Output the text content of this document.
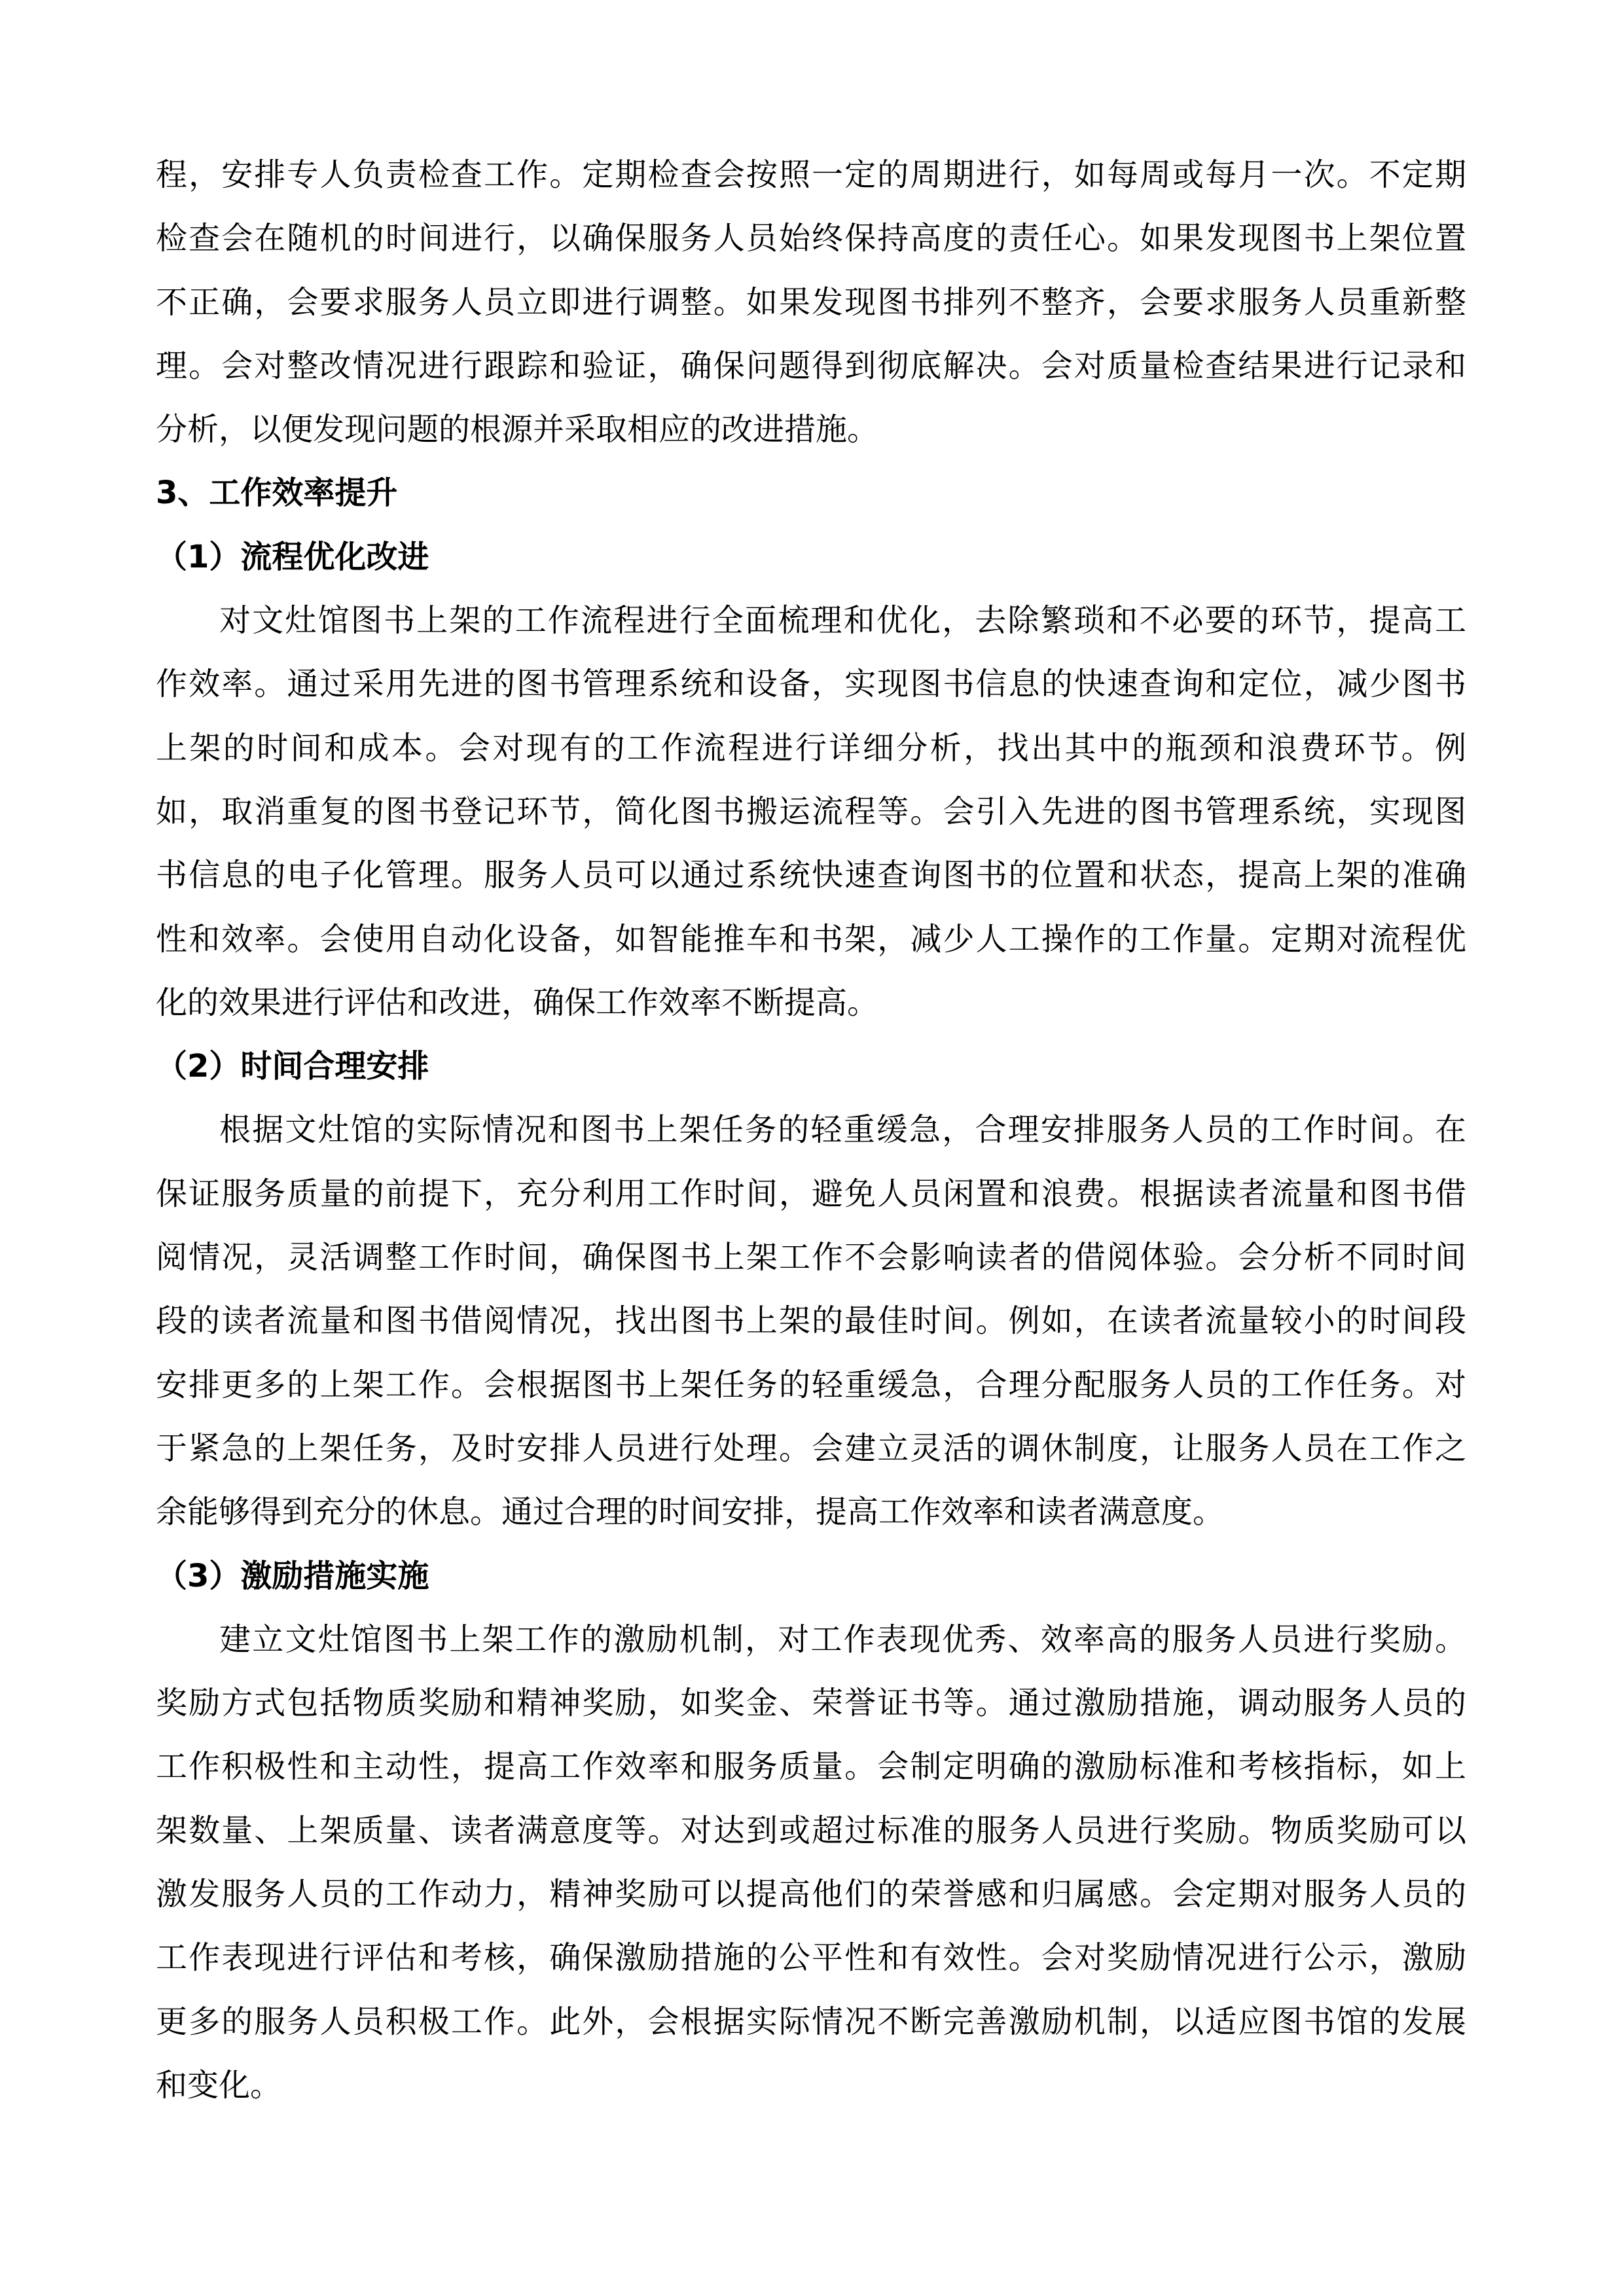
程，安排专人负责检查工作。定期检查会按照一定的周期进行，如每周或每月一次。不定期
检查会在随机的时间进行，以确保服务人员始终保持高度的责任心。如果发现图书上架位置
不正确，会要求服务人员立即进行调整。如果发现图书排列不整齐，会要求服务人员重新整
理。会对整改情况进行跟踪和验证，确保问题得到彻底解决。会对质量检查结果进行记录和
分析，以便发现问题的根源并采取相应的改进措施。
3、工作效率提升
（1）流程优化改进
对文灶馆图书上架的工作流程进行全面梳理和优化，去除繁琐和不必要的环节，提高工
作效率。通过采用先进的图书管理系统和设备，实现图书信息的快速查询和定位，减少图书
上架的时间和成本。会对现有的工作流程进行详细分析，找出其中的瓶颈和浪费环节。例
如，取消重复的图书登记环节，简化图书搬运流程等。会引入先进的图书管理系统，实现图
书信息的电子化管理。服务人员可以通过系统快速查询图书的位置和状态，提高上架的准确
性和效率。会使用自动化设备，如智能推车和书架，减少人工操作的工作量。定期对流程优
化的效果进行评估和改进，确保工作效率不断提高。
（2）时间合理安排
根据文灶馆的实际情况和图书上架任务的轻重缓急，合理安排服务人员的工作时间。在
保证服务质量的前提下，充分利用工作时间，避免人员闲置和浪费。根据读者流量和图书借
阅情况，灵活调整工作时间，确保图书上架工作不会影响读者的借阅体验。会分析不同时间
段的读者流量和图书借阅情况，找出图书上架的最佳时间。例如，在读者流量较小的时间段
安排更多的上架工作。会根据图书上架任务的轻重缓急，合理分配服务人员的工作任务。对
于紧急的上架任务，及时安排人员进行处理。会建立灵活的调休制度，让服务人员在工作之
余能够得到充分的休息。通过合理的时间安排，提高工作效率和读者满意度。
（3）激励措施实施
建立文灶馆图书上架工作的激励机制，对工作表现优秀、效率高的服务人员进行奖励。
奖励方式包括物质奖励和精神奖励，如奖金、荣誉证书等。通过激励措施，调动服务人员的
工作积极性和主动性，提高工作效率和服务质量。会制定明确的激励标准和考核指标，如上
架数量、上架质量、读者满意度等。对达到或超过标准的服务人员进行奖励。物质奖励可以
激发服务人员的工作动力，精神奖励可以提高他们的荣誉感和归属感。会定期对服务人员的
工作表现进行评估和考核，确保激励措施的公平性和有效性。会对奖励情况进行公示，激励
更多的服务人员积极工作。此外，会根据实际情况不断完善激励机制，以适应图书馆的发展
和变化。
